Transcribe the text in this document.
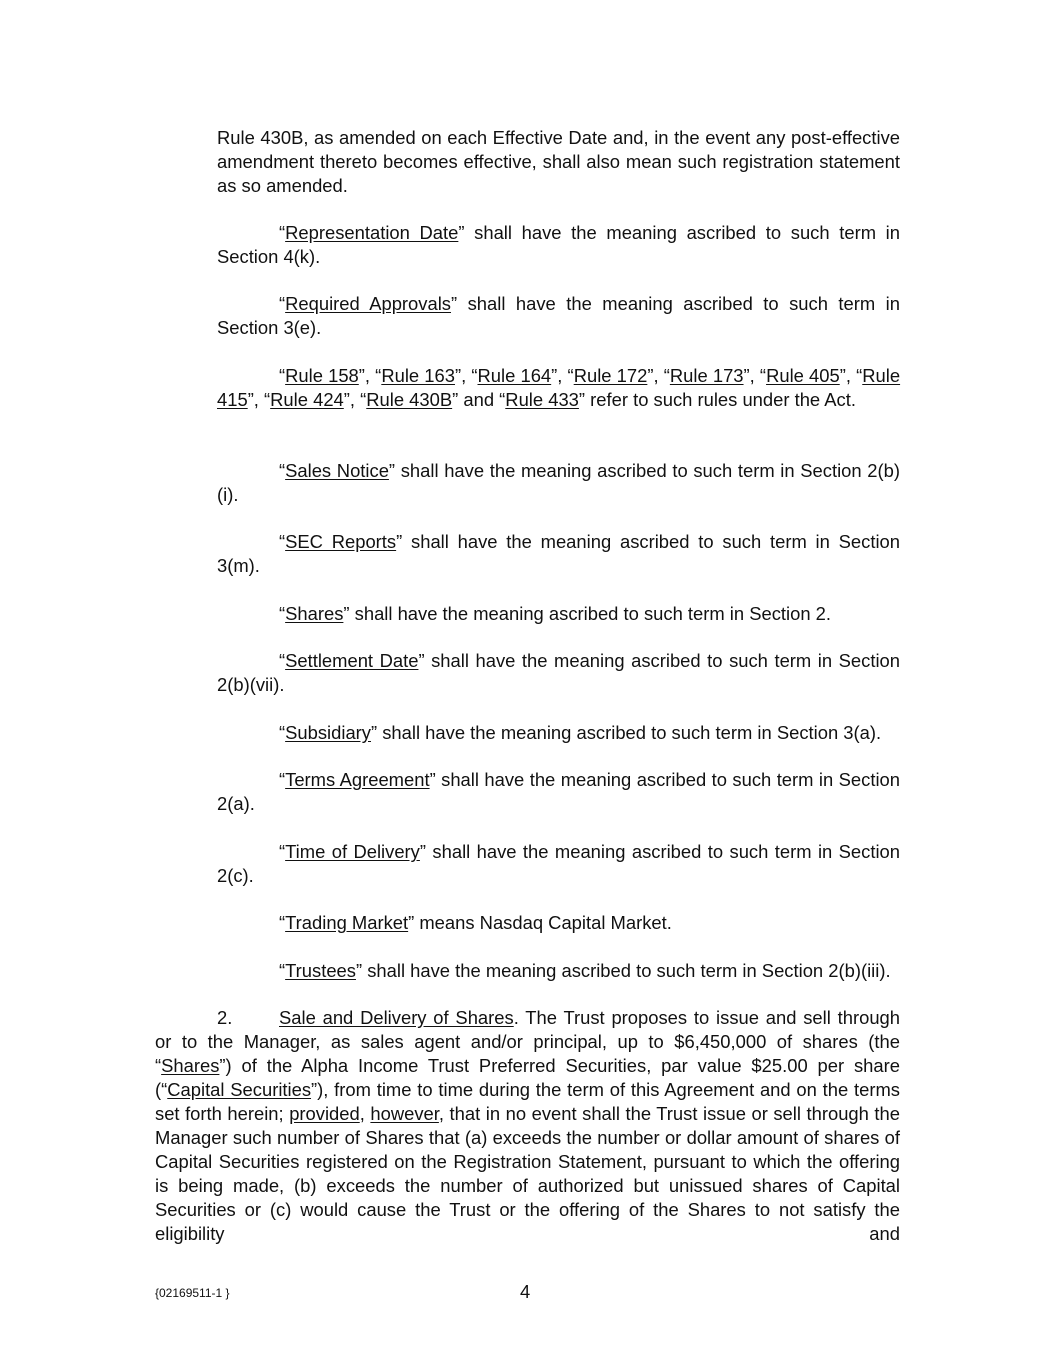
Rule 430B, as amended on each Effective Date and, in the event any post-effective amendment thereto becomes effective, shall also mean such registration statement as so amended.

“Representation Date” shall have the meaning ascribed to such term in Section 4(k).

“Required Approvals” shall have the meaning ascribed to such term in Section 3(e).

“Rule 158”, “Rule 163”, “Rule 164”, “Rule 172”, “Rule 173”, “Rule 405”, “Rule 415”, “Rule 424”, “Rule 430B” and “Rule 433” refer to such rules under the Act.

“Sales Notice” shall have the meaning ascribed to such term in Section 2(b)(i).

“SEC Reports” shall have the meaning ascribed to such term in Section 3(m).

“Shares” shall have the meaning ascribed to such term in Section 2.

“Settlement Date” shall have the meaning ascribed to such term in Section 2(b)(vii).

“Subsidiary” shall have the meaning ascribed to such term in Section 3(a).

“Terms Agreement” shall have the meaning ascribed to such term in Section 2(a).

“Time of Delivery” shall have the meaning ascribed to such term in Section 2(c).

“Trading Market” means Nasdaq Capital Market.

“Trustees” shall have the meaning ascribed to such term in Section 2(b)(iii).

2.	Sale and Delivery of Shares. The Trust proposes to issue and sell through or to the Manager, as sales agent and/or principal, up to $6,450,000 of shares (the “Shares”) of the Alpha Income Trust Preferred Securities, par value $25.00 per share (“Capital Securities”), from time to time during the term of this Agreement and on the terms set forth herein; provided, however, that in no event shall the Trust issue or sell through the Manager such number of Shares that (a) exceeds the number or dollar amount of shares of Capital Securities registered on the Registration Statement, pursuant to which the offering is being made, (b) exceeds the number of authorized but unissued shares of Capital Securities or (c) would cause the Trust or the offering of the Shares to not satisfy the eligibility and

{02169511-1 }	4
